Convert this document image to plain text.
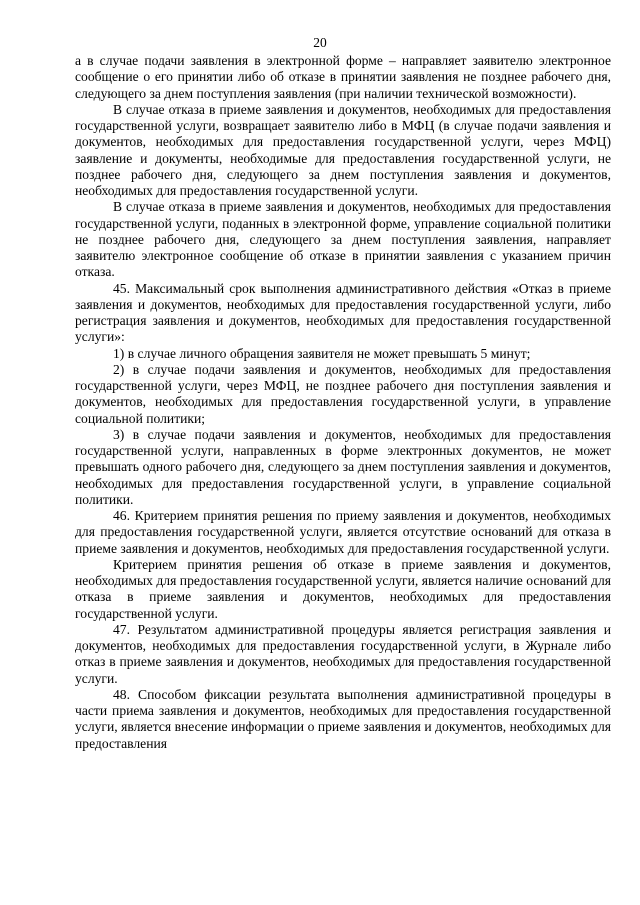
20

а в случае подачи заявления в электронной форме – направляет заявителю электронное сообщение о его принятии либо об отказе в принятии заявления не позднее рабочего дня, следующего за днем поступления заявления (при наличии технической возможности).

В случае отказа в приеме заявления и документов, необходимых для предоставления государственной услуги, возвращает заявителю либо в МФЦ (в случае подачи заявления и документов, необходимых для предоставления государственной услуги, через МФЦ) заявление и документы, необходимые для предоставления государственной услуги, не позднее рабочего дня, следующего за днем поступления заявления и документов, необходимых для предоставления государственной услуги.

В случае отказа в приеме заявления и документов, необходимых для предоставления государственной услуги, поданных в электронной форме, управление социальной политики не позднее рабочего дня, следующего за днем поступления заявления, направляет заявителю электронное сообщение об отказе в принятии заявления с указанием причин отказа.

45. Максимальный срок выполнения административного действия «Отказ в приеме заявления и документов, необходимых для предоставления государственной услуги, либо регистрация заявления и документов, необходимых для предоставления государственной услуги»:

1) в случае личного обращения заявителя не может превышать 5 минут;

2) в случае подачи заявления и документов, необходимых для предоставления государственной услуги, через МФЦ, не позднее рабочего дня поступления заявления и документов, необходимых для предоставления государственной услуги, в управление социальной политики;

3) в случае подачи заявления и документов, необходимых для предоставления государственной услуги, направленных в форме электронных документов, не может превышать одного рабочего дня, следующего за днем поступления заявления и документов, необходимых для предоставления государственной услуги, в управление социальной политики.

46. Критерием принятия решения по приему заявления и документов, необходимых для предоставления государственной услуги, является отсутствие оснований для отказа в приеме заявления и документов, необходимых для предоставления государственной услуги.

Критерием принятия решения об отказе в приеме заявления и документов, необходимых для предоставления государственной услуги, является наличие оснований для отказа в приеме заявления и документов, необходимых для предоставления государственной услуги.

47. Результатом административной процедуры является регистрация заявления и документов, необходимых для предоставления государственной услуги, в Журнале либо отказ в приеме заявления и документов, необходимых для предоставления государственной услуги.

48. Способом фиксации результата выполнения административной процедуры в части приема заявления и документов, необходимых для предоставления государственной услуги, является внесение информации о приеме заявления и документов, необходимых для предоставления
